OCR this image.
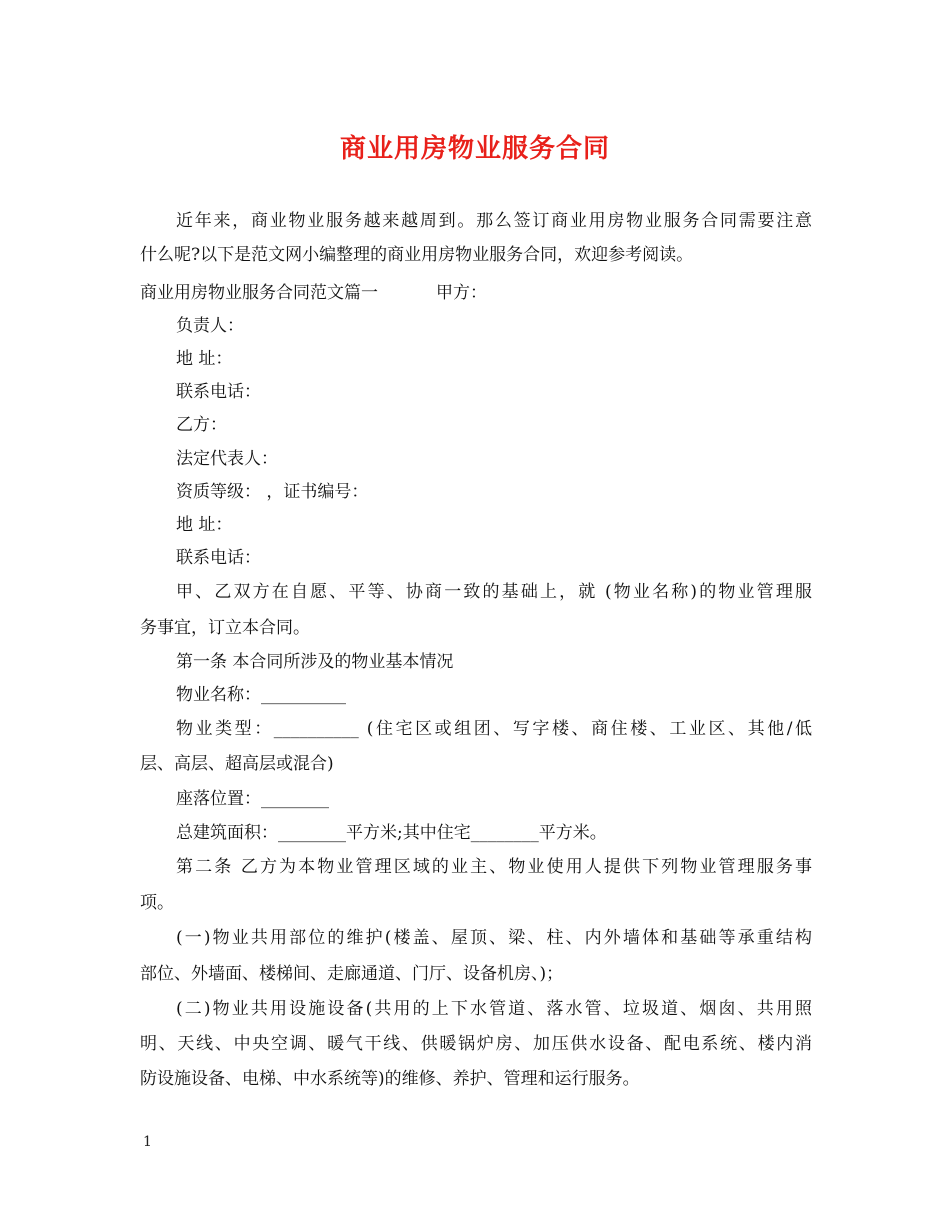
商业用房物业服务合同
近年来，商业物业服务越来越周到。那么签订商业用房物业服务合同需要注意
什么呢?以下是范文网小编整理的商业用房物业服务合同，欢迎参考阅读。
商业用房物业服务合同范文篇一	甲方：
负责人：
地 址：
联系电话：
乙方：
法定代表人：
资质等级： ，证书编号：
地 址：
联系电话：
甲、乙双方在自愿、平等、协商一致的基础上，就 (物业名称)的物业管理服
务事宜，订立本合同。
第一条 本合同所涉及的物业基本情况
物业名称：__________
物业类型：__________ (住宅区或组团、写字楼、商住楼、工业区、其他/低
层、高层、超高层或混合)
座落位置：________
总建筑面积：________平方米;其中住宅________平方米。
第二条 乙方为本物业管理区域的业主、物业使用人提供下列物业管理服务事
项。
(一)物业共用部位的维护(楼盖、屋顶、梁、柱、内外墙体和基础等承重结构
部位、外墙面、楼梯间、走廊通道、门厅、设备机房、)；
(二)物业共用设施设备(共用的上下水管道、落水管、垃圾道、烟囱、共用照
明、天线、中央空调、暖气干线、供暖锅炉房、加压供水设备、配电系统、楼内消
防设施设备、电梯、中水系统等)的维修、养护、管理和运行服务。
1
